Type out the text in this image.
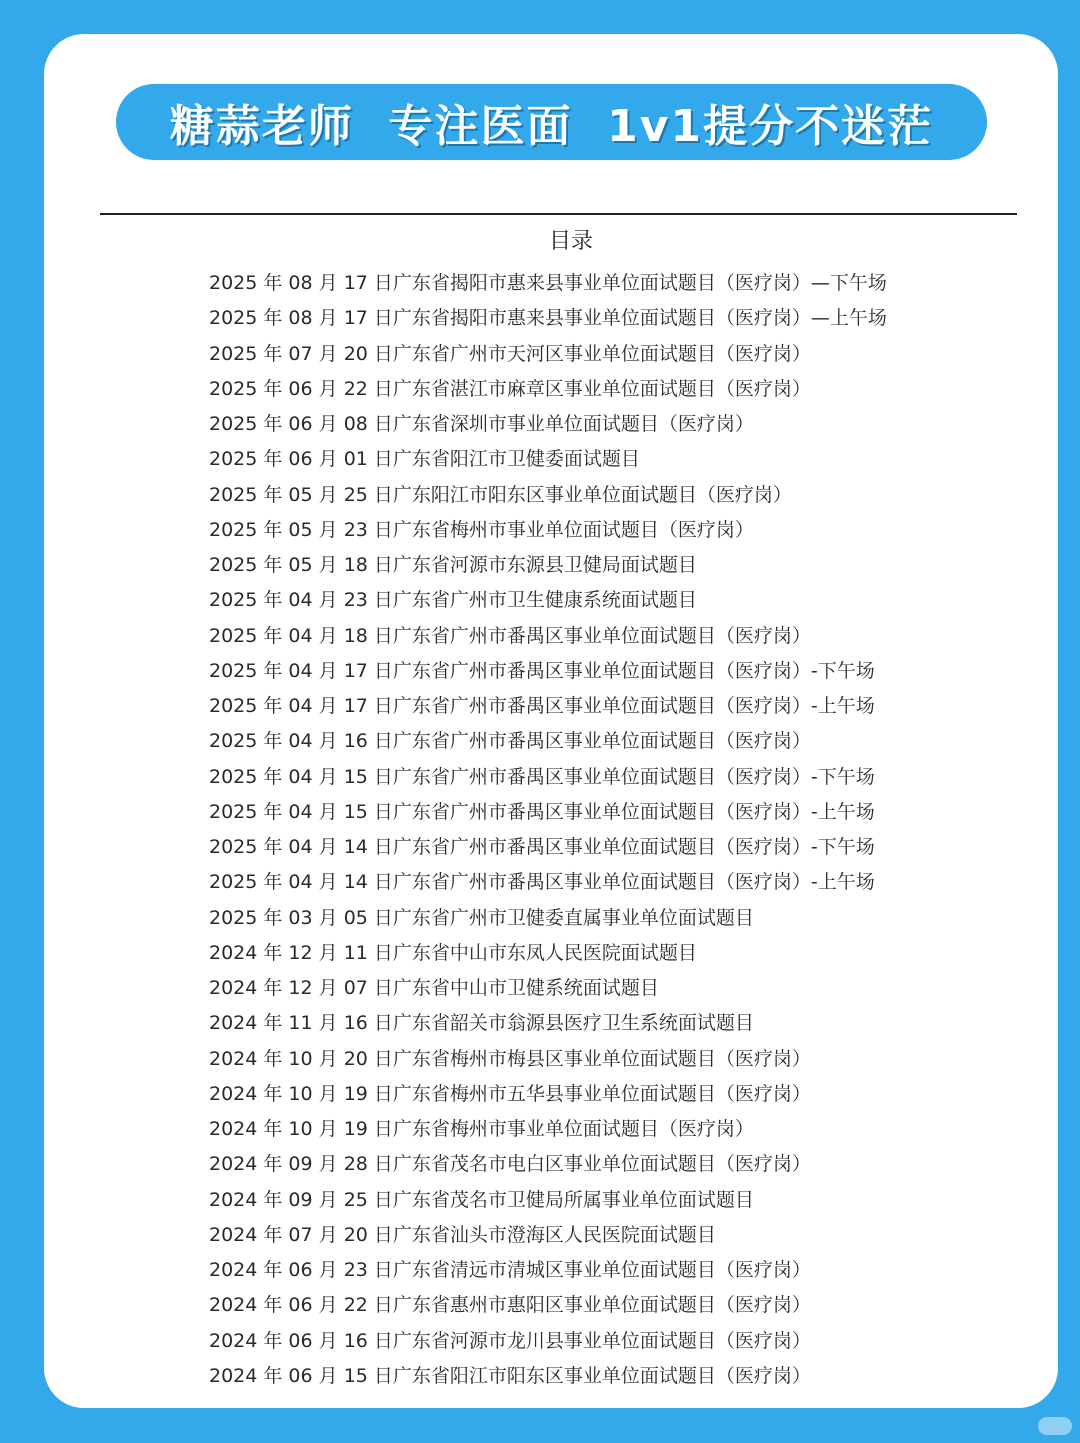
糖蒜老师  专注医面  1v1提分不迷茫
目录
2025 年 08 月 17 日广东省揭阳市惠来县事业单位面试题目（医疗岗）—下午场
2025 年 08 月 17 日广东省揭阳市惠来县事业单位面试题目（医疗岗）—上午场
2025 年 07 月 20 日广东省广州市天河区事业单位面试题目（医疗岗）
2025 年 06 月 22 日广东省湛江市麻章区事业单位面试题目（医疗岗）
2025 年 06 月 08 日广东省深圳市事业单位面试题目（医疗岗）
2025 年 06 月 01 日广东省阳江市卫健委面试题目
2025 年 05 月 25 日广东阳江市阳东区事业单位面试题目（医疗岗）
2025 年 05 月 23 日广东省梅州市事业单位面试题目（医疗岗）
2025 年 05 月 18 日广东省河源市东源县卫健局面试题目
2025 年 04 月 23 日广东省广州市卫生健康系统面试题目
2025 年 04 月 18 日广东省广州市番禺区事业单位面试题目（医疗岗）
2025 年 04 月 17 日广东省广州市番禺区事业单位面试题目（医疗岗）-下午场
2025 年 04 月 17 日广东省广州市番禺区事业单位面试题目（医疗岗）-上午场
2025 年 04 月 16 日广东省广州市番禺区事业单位面试题目（医疗岗）
2025 年 04 月 15 日广东省广州市番禺区事业单位面试题目（医疗岗）-下午场
2025 年 04 月 15 日广东省广州市番禺区事业单位面试题目（医疗岗）-上午场
2025 年 04 月 14 日广东省广州市番禺区事业单位面试题目（医疗岗）-下午场
2025 年 04 月 14 日广东省广州市番禺区事业单位面试题目（医疗岗）-上午场
2025 年 03 月 05 日广东省广州市卫健委直属事业单位面试题目
2024 年 12 月 11 日广东省中山市东凤人民医院面试题目
2024 年 12 月 07 日广东省中山市卫健系统面试题目
2024 年 11 月 16 日广东省韶关市翁源县医疗卫生系统面试题目
2024 年 10 月 20 日广东省梅州市梅县区事业单位面试题目（医疗岗）
2024 年 10 月 19 日广东省梅州市五华县事业单位面试题目（医疗岗）
2024 年 10 月 19 日广东省梅州市事业单位面试题目（医疗岗）
2024 年 09 月 28 日广东省茂名市电白区事业单位面试题目（医疗岗）
2024 年 09 月 25 日广东省茂名市卫健局所属事业单位面试题目
2024 年 07 月 20 日广东省汕头市澄海区人民医院面试题目
2024 年 06 月 23 日广东省清远市清城区事业单位面试题目（医疗岗）
2024 年 06 月 22 日广东省惠州市惠阳区事业单位面试题目（医疗岗）
2024 年 06 月 16 日广东省河源市龙川县事业单位面试题目（医疗岗）
2024 年 06 月 15 日广东省阳江市阳东区事业单位面试题目（医疗岗）
